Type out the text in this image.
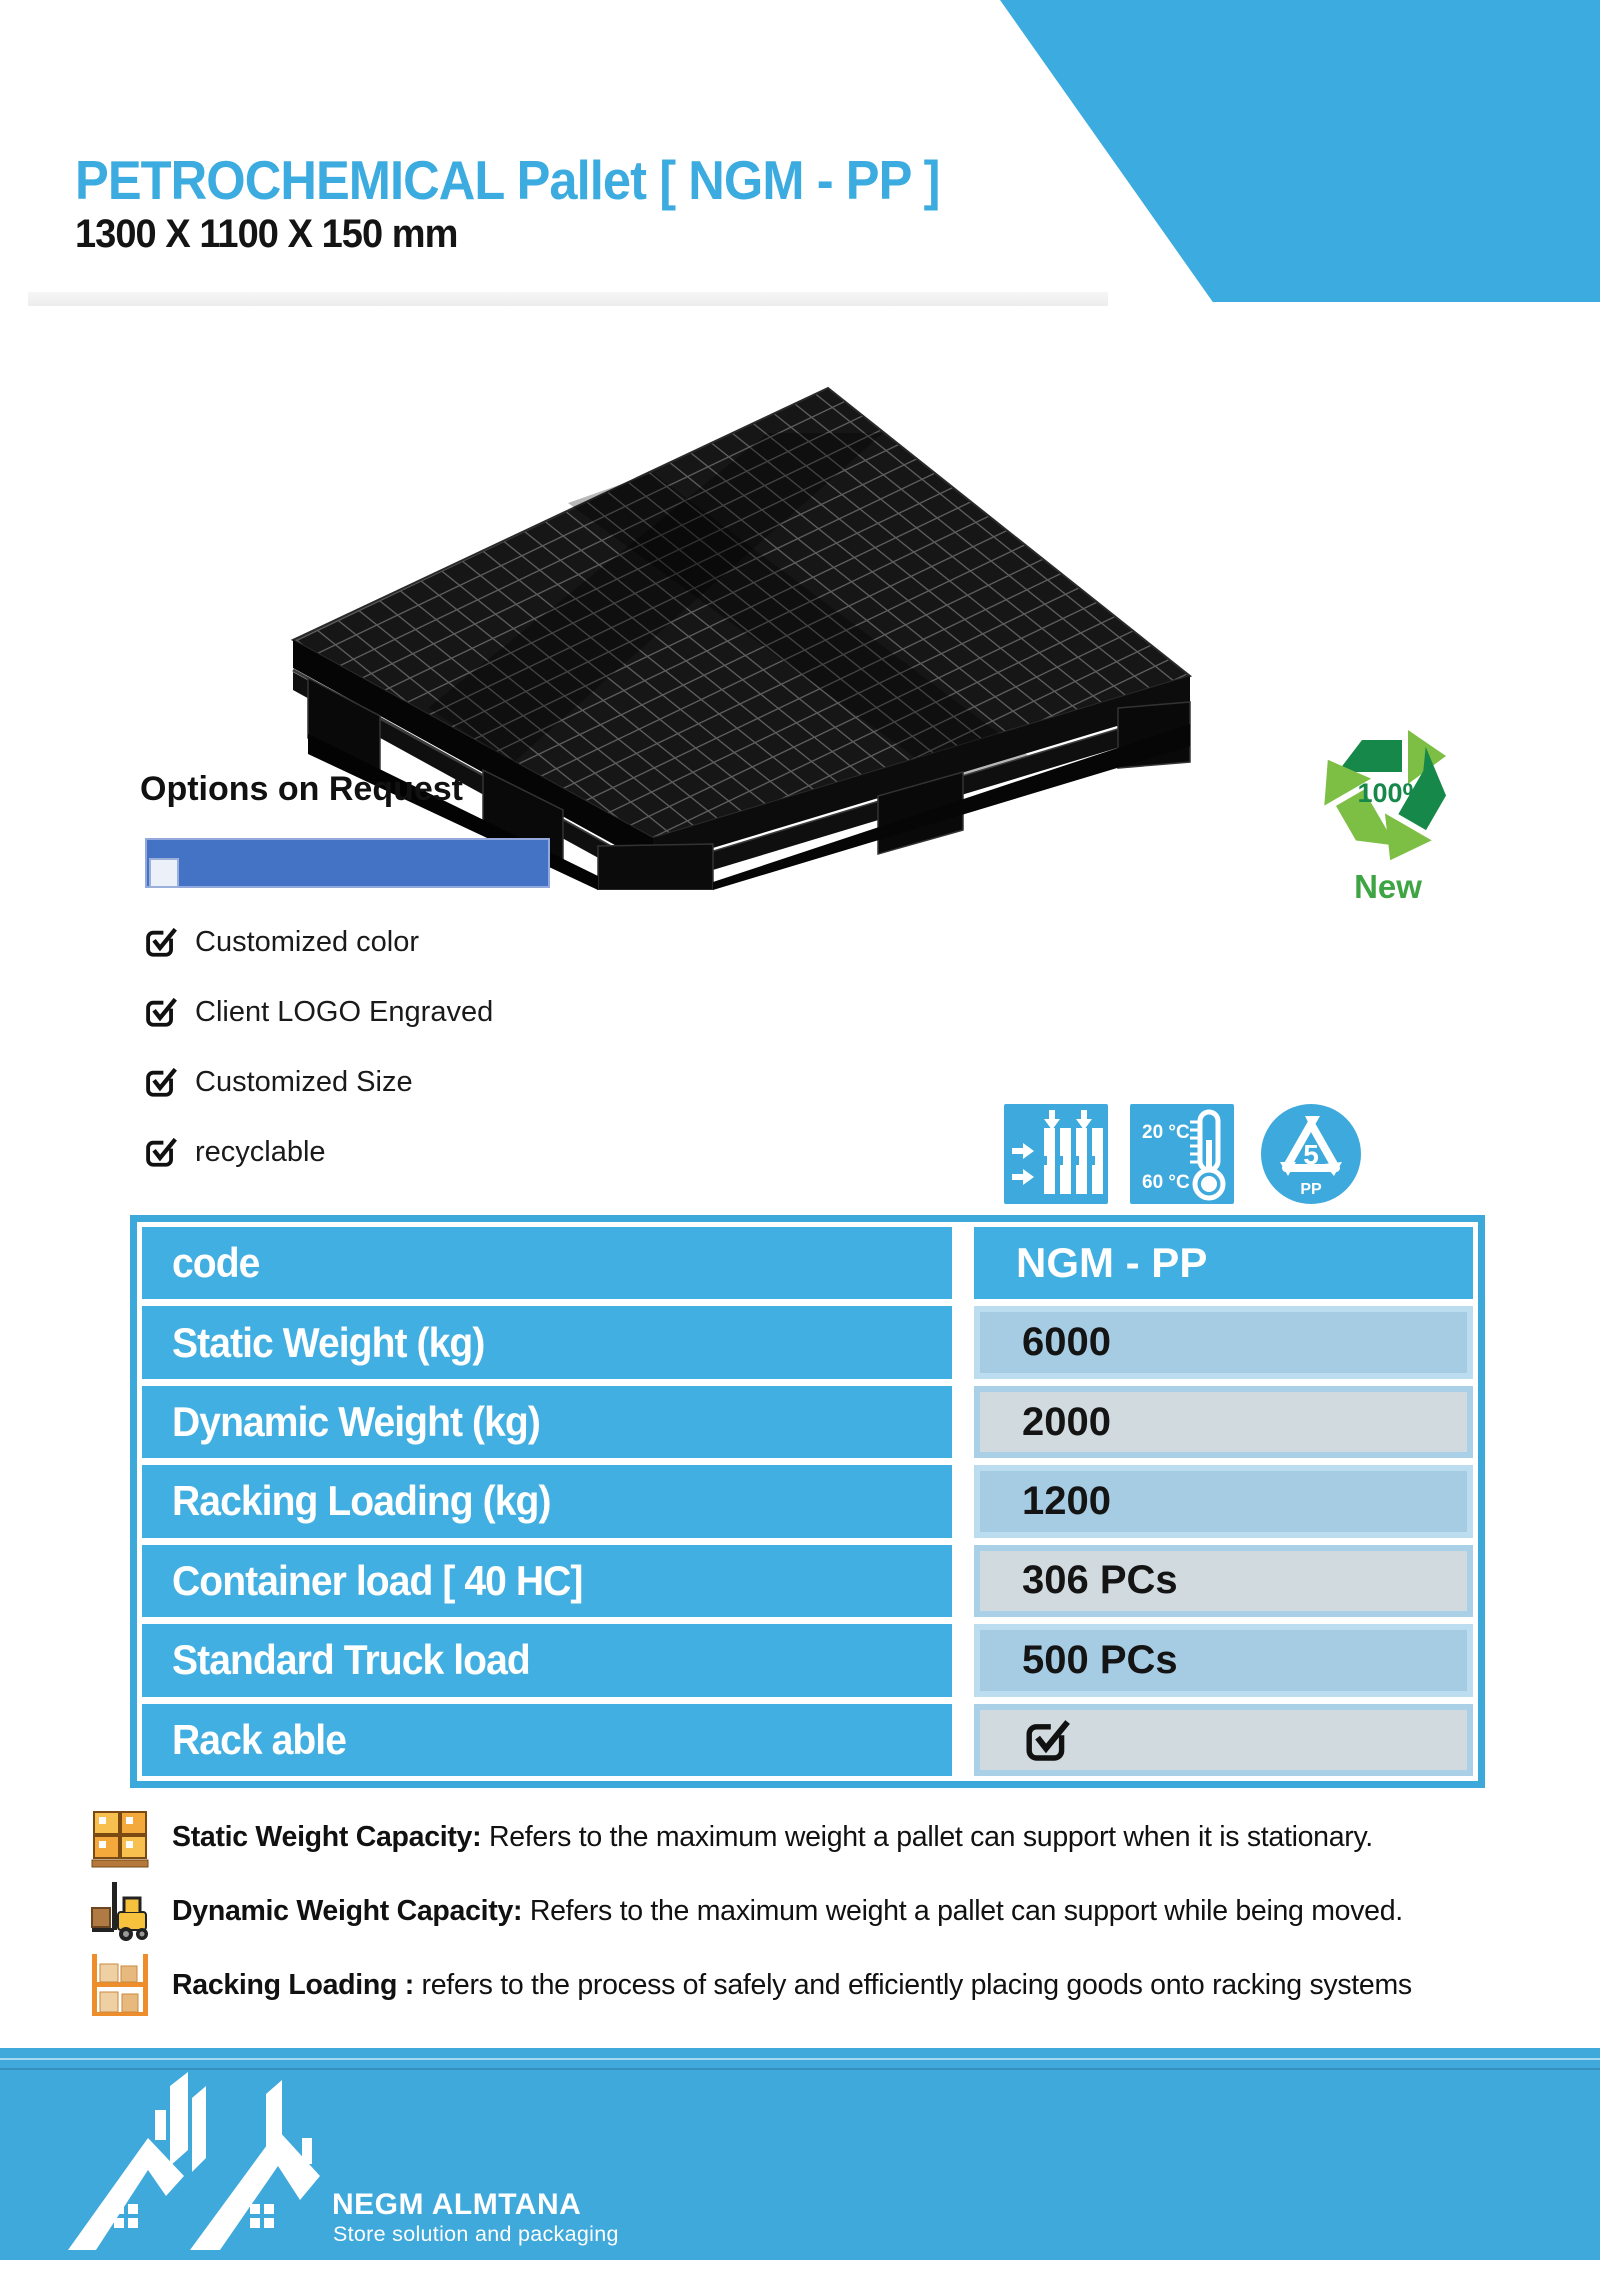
PETROCHEMICAL Pallet [ NGM - PP ]
1300 X 1100 X 150 mm
100%
New
Options on Request
Customized color
Client LOGO Engraved
Customized Size
recyclable
20 °C
60 °C
5
PP
code	NGM - PP
Static Weight (kg)	6000
Dynamic Weight (kg)	2000
Racking Loading (kg)	1200
Container load [ 40 HC]	306 PCs
Standard Truck load	500 PCs
Rack able
Static Weight Capacity: Refers to the maximum weight a pallet can support when it is stationary.
Dynamic Weight Capacity: Refers to the maximum weight a pallet can support while being moved.
Racking Loading : refers to the process of safely and efficiently placing goods onto racking systems
NEGM ALMTANA
Store solution and packaging
